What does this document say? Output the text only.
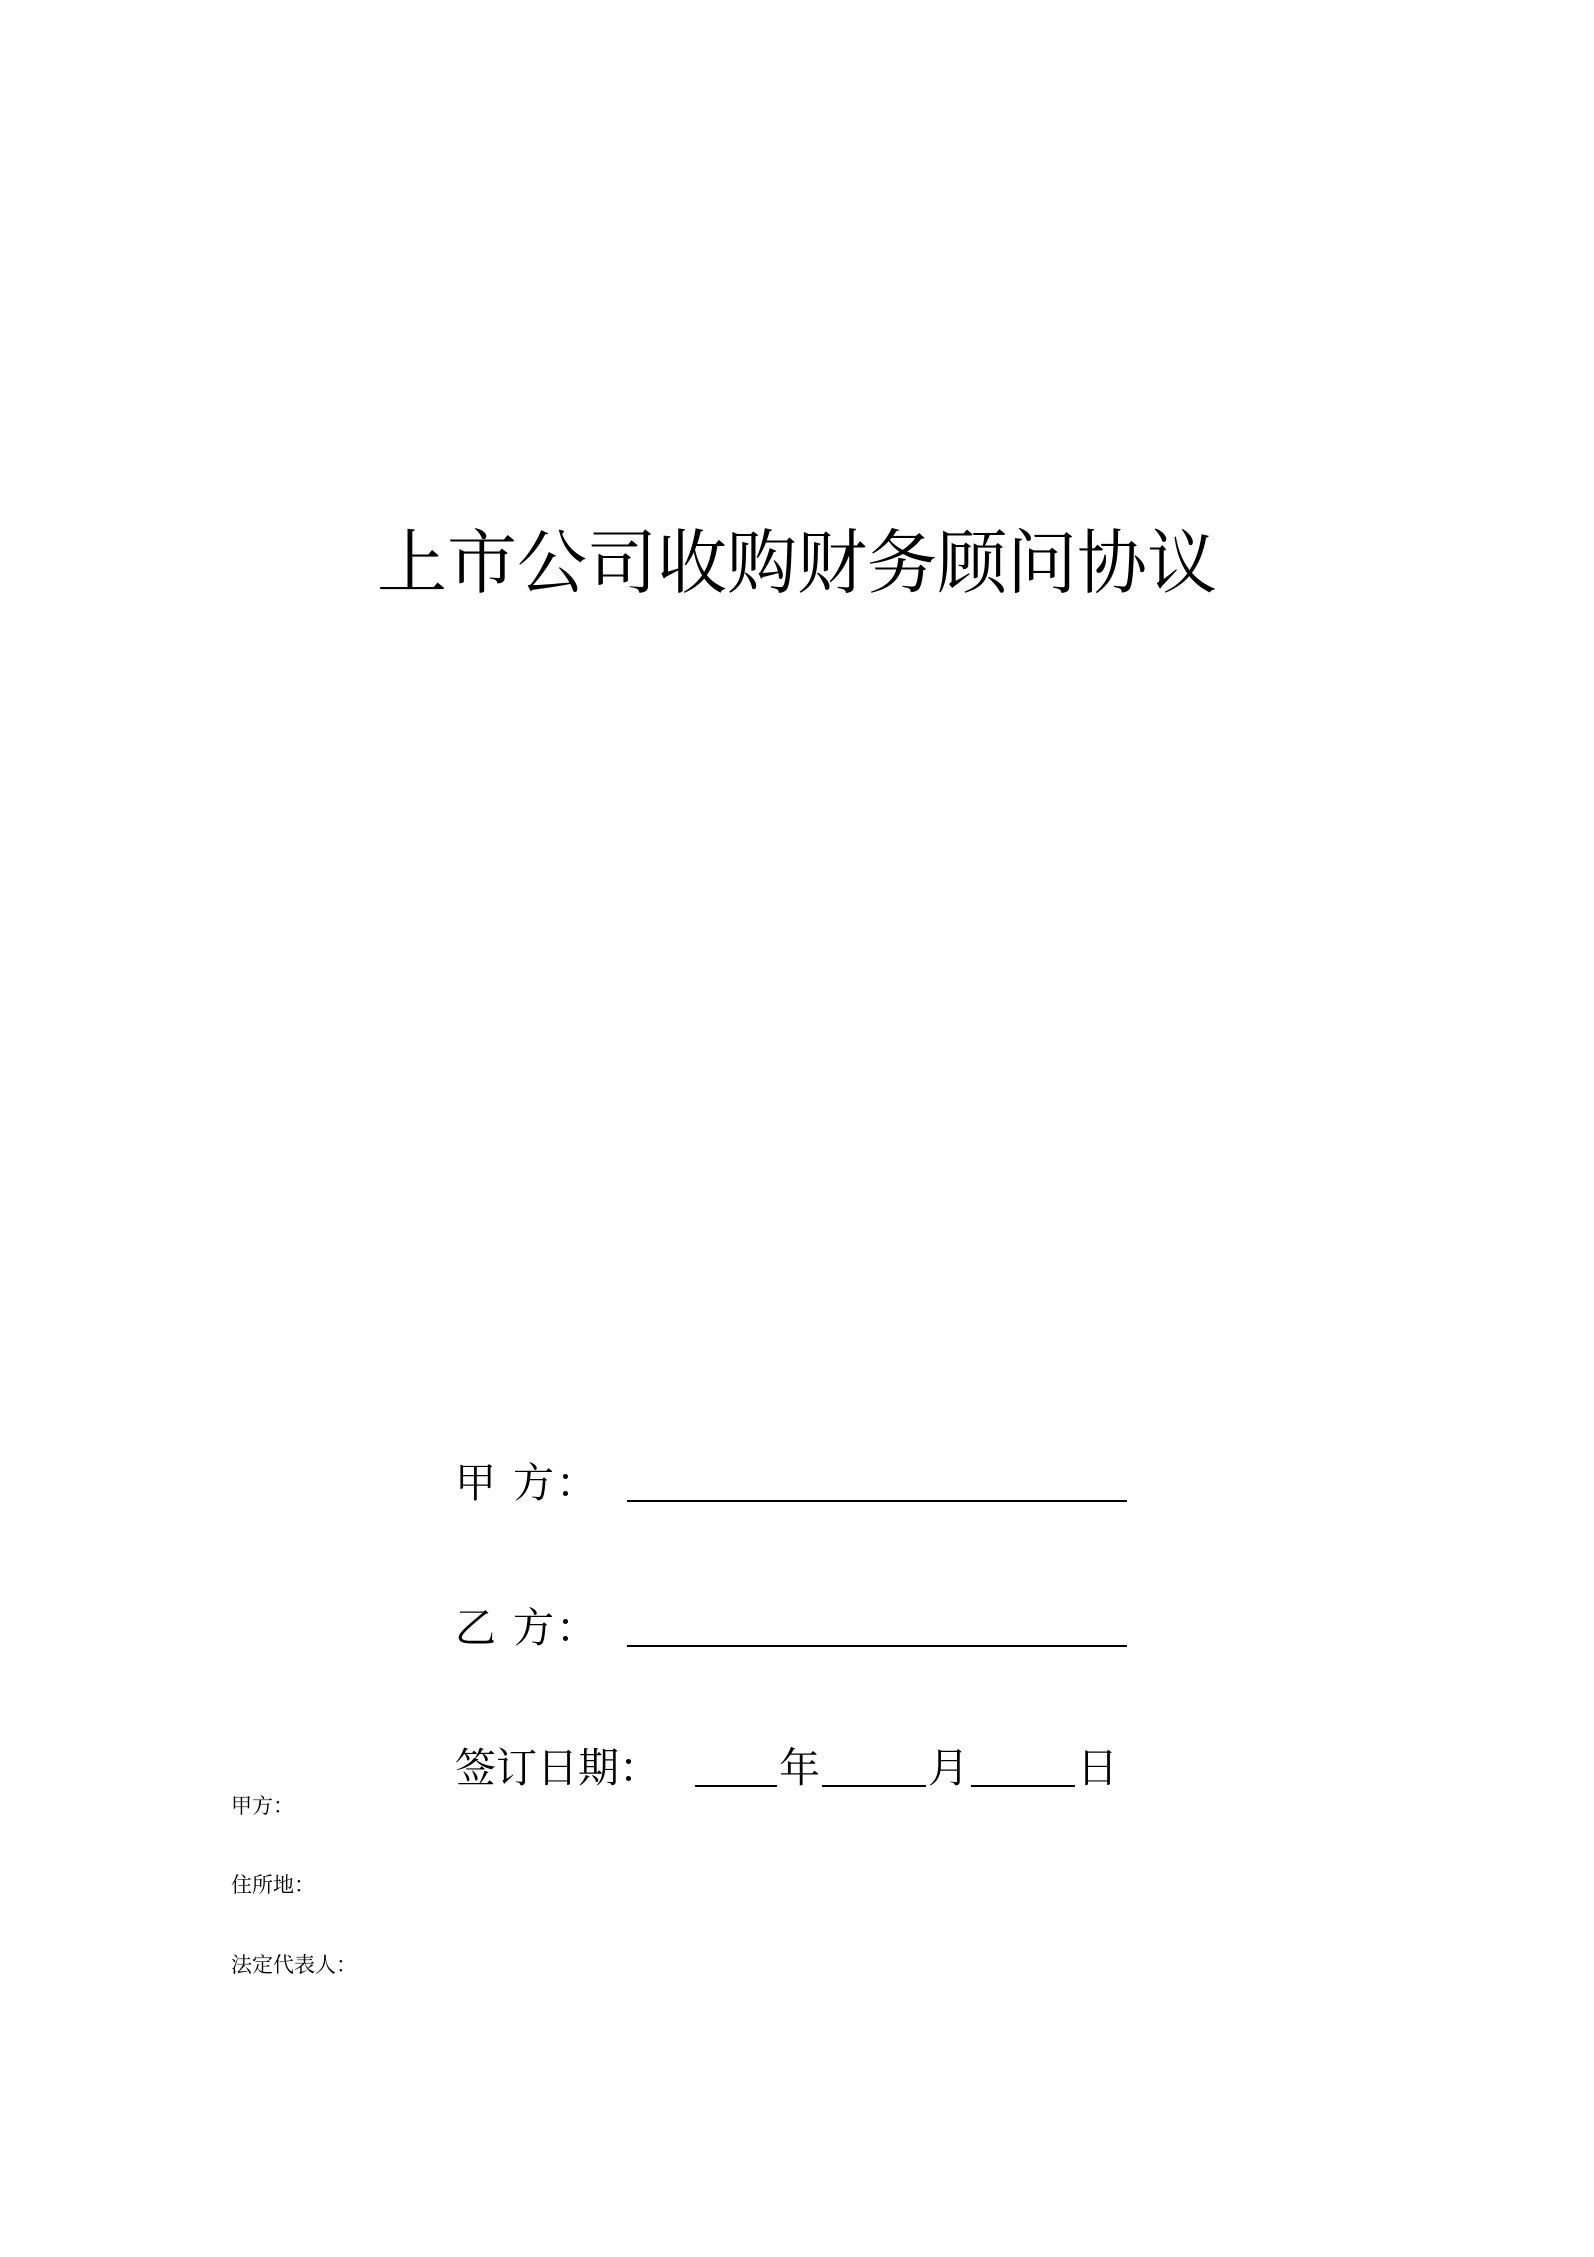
上市公司收购财务顾问协议
甲 方：
乙 方：
签订日期：	年	月	日
甲方：
住所地：
法定代表人：
